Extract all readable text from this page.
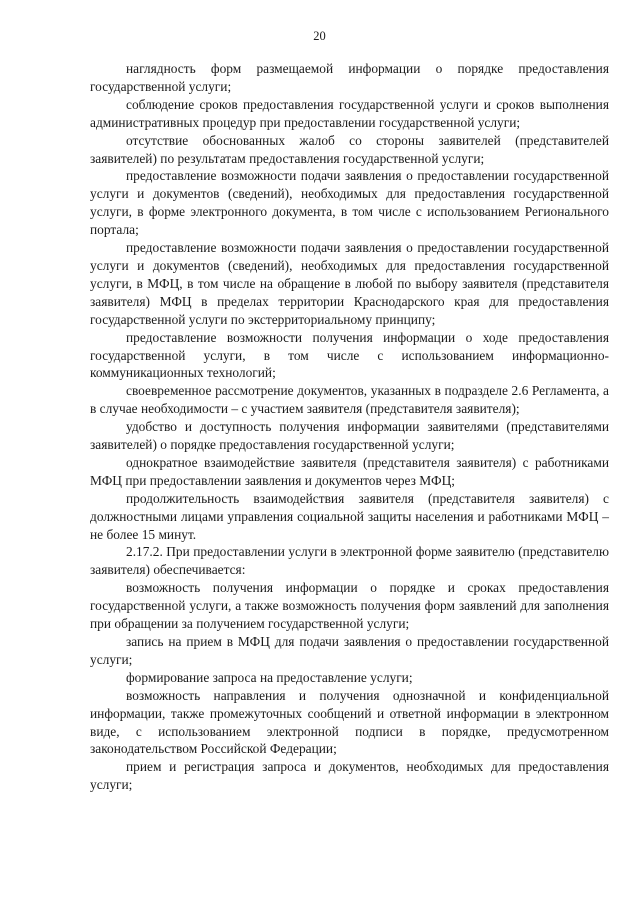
20

наглядность форм размещаемой информации о порядке предоставления государственной услуги;

соблюдение сроков предоставления государственной услуги и сроков выполнения административных процедур при предоставлении государственной услуги;

отсутствие обоснованных жалоб со стороны заявителей (представителей заявителей) по результатам предоставления государственной услуги;

предоставление возможности подачи заявления о предоставлении государственной услуги и документов (сведений), необходимых для предоставления государственной услуги, в форме электронного документа, в том числе с использованием Регионального портала;

предоставление возможности подачи заявления о предоставлении государственной услуги и документов (сведений), необходимых для предоставления государственной услуги, в МФЦ, в том числе на обращение в любой по выбору заявителя (представителя заявителя) МФЦ в пределах территории Краснодарского края для предоставления государственной услуги по экстерриториальному принципу;

предоставление возможности получения информации о ходе предоставления государственной услуги, в том числе с использованием информационно-коммуникационных технологий;

своевременное рассмотрение документов, указанных в подразделе 2.6 Регламента, а в случае необходимости – с участием заявителя (представителя заявителя);

удобство и доступность получения информации заявителями (представителями заявителей) о порядке предоставления государственной услуги;

однократное взаимодействие заявителя (представителя заявителя) с работниками МФЦ при предоставлении заявления и документов через МФЦ;

продолжительность взаимодействия заявителя (представителя заявителя) с должностными лицами управления социальной защиты населения и работниками МФЦ – не более 15 минут.

2.17.2. При предоставлении услуги в электронной форме заявителю (представителю заявителя) обеспечивается:

возможность получения информации о порядке и сроках предоставления государственной услуги, а также возможность получения форм заявлений для заполнения при обращении за получением государственной услуги;

запись на прием в МФЦ для подачи заявления о предоставлении государственной услуги;

формирование запроса на предоставление услуги;

возможность направления и получения однозначной и конфиденциальной информации, также промежуточных сообщений и ответной информации в электронном виде, с использованием электронной подписи в порядке, предусмотренном законодательством Российской Федерации;

прием и регистрация запроса и документов, необходимых для предоставления услуги;
